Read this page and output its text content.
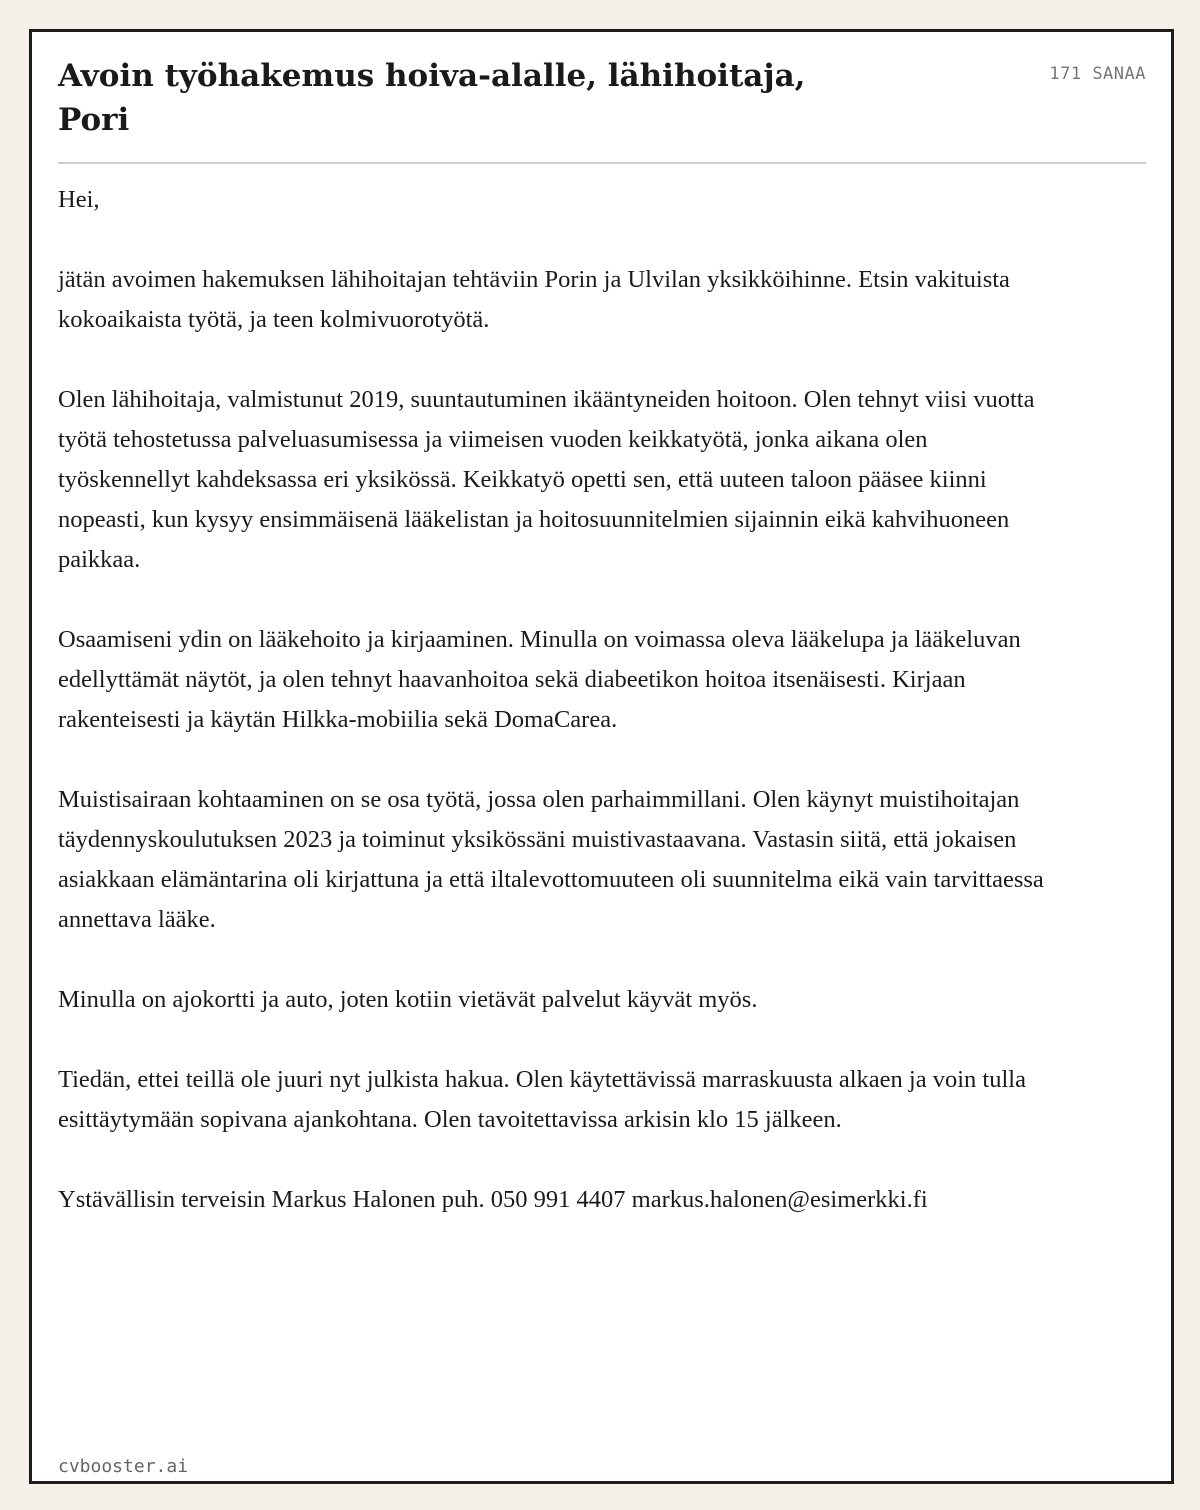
Avoin työhakemus hoiva-alalle, lähihoitaja, Pori
171 SANAA

Hei,

jätän avoimen hakemuksen lähihoitajan tehtäviin Porin ja Ulvilan yksikköihinne. Etsin vakituista kokoaikaista työtä, ja teen kolmivuorotyötä.

Olen lähihoitaja, valmistunut 2019, suuntautuminen ikääntyneiden hoitoon. Olen tehnyt viisi vuotta työtä tehostetussa palveluasumisessa ja viimeisen vuoden keikkatyötä, jonka aikana olen työskennellyt kahdeksassa eri yksikössä. Keikkatyö opetti sen, että uuteen taloon pääsee kiinni nopeasti, kun kysyy ensimmäisenä lääkelistan ja hoitosuunnitelmien sijainnin eikä kahvihuoneen paikkaa.

Osaamiseni ydin on lääkehoito ja kirjaaminen. Minulla on voimassa oleva lääkelupa ja lääkeluvan edellyttämät näytöt, ja olen tehnyt haavanhoitoa sekä diabeetikon hoitoa itsenäisesti. Kirjaan rakenteisesti ja käytän Hilkka-mobiilia sekä DomaCarea.

Muistisairaan kohtaaminen on se osa työtä, jossa olen parhaimmillani. Olen käynyt muistihoitajan täydennyskoulutuksen 2023 ja toiminut yksikössäni muistivastaavana. Vastasin siitä, että jokaisen asiakkaan elämäntarina oli kirjattuna ja että iltalevottomuuteen oli suunnitelma eikä vain tarvittaessa annettava lääke.

Minulla on ajokortti ja auto, joten kotiin vietävät palvelut käyvät myös.

Tiedän, ettei teillä ole juuri nyt julkista hakua. Olen käytettävissä marraskuusta alkaen ja voin tulla esittäytymään sopivana ajankohtana. Olen tavoitettavissa arkisin klo 15 jälkeen.

Ystävällisin terveisin Markus Halonen puh. 050 991 4407 markus.halonen@esimerkki.fi

cvbooster.ai
